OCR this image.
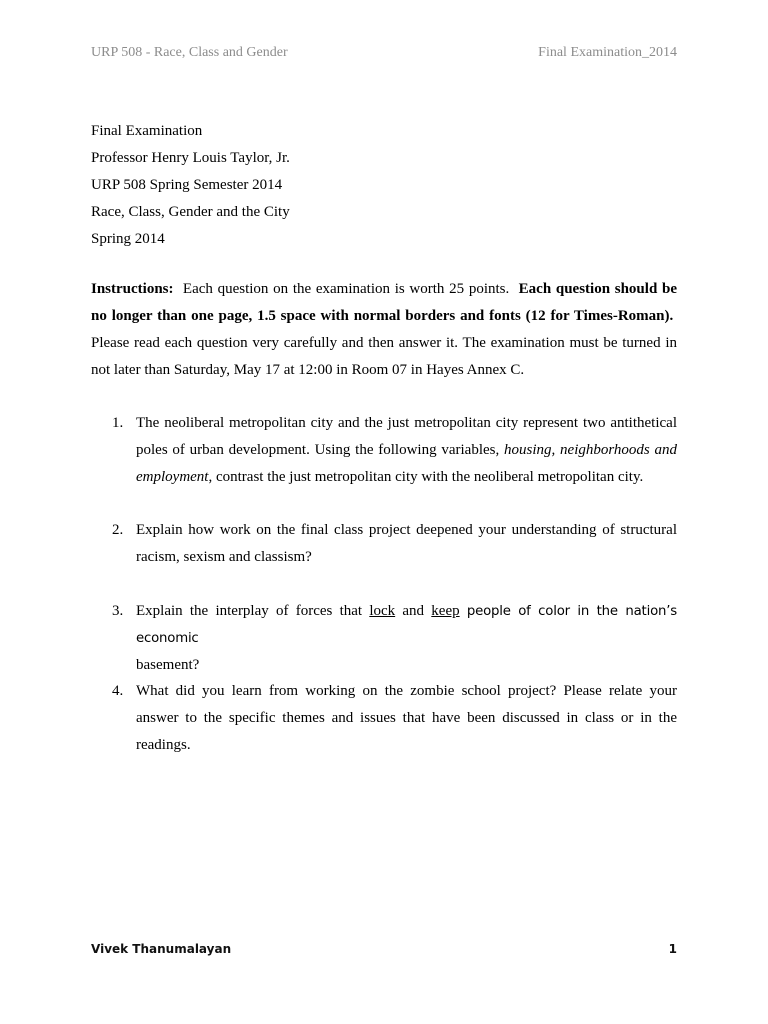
URP 508 - Race, Class and Gender	Final Examination_2014
Final Examination
Professor Henry Louis Taylor, Jr.
URP 508 Spring Semester 2014
Race, Class, Gender and the City
Spring 2014
Instructions: Each question on the examination is worth 25 points. Each question should be no longer than one page, 1.5 space with normal borders and fonts (12 for Times-Roman).  Please read each question very carefully and then answer it. The examination must be turned in not later than Saturday, May 17 at 12:00 in Room 07 in Hayes Annex C.
1. The neoliberal metropolitan city and the just metropolitan city represent two antithetical poles of urban development. Using the following variables, housing, neighborhoods and employment, contrast the just metropolitan city with the neoliberal metropolitan city.
2. Explain how work on the final class project deepened your understanding of structural racism, sexism and classism?
3. Explain the interplay of forces that lock and keep people of color in the nation’s economic
basement?
4. What did you learn from working on the zombie school project? Please relate your answer to the specific themes and issues that have been discussed in class or in the readings.
Vivek Thanumalayan	1
